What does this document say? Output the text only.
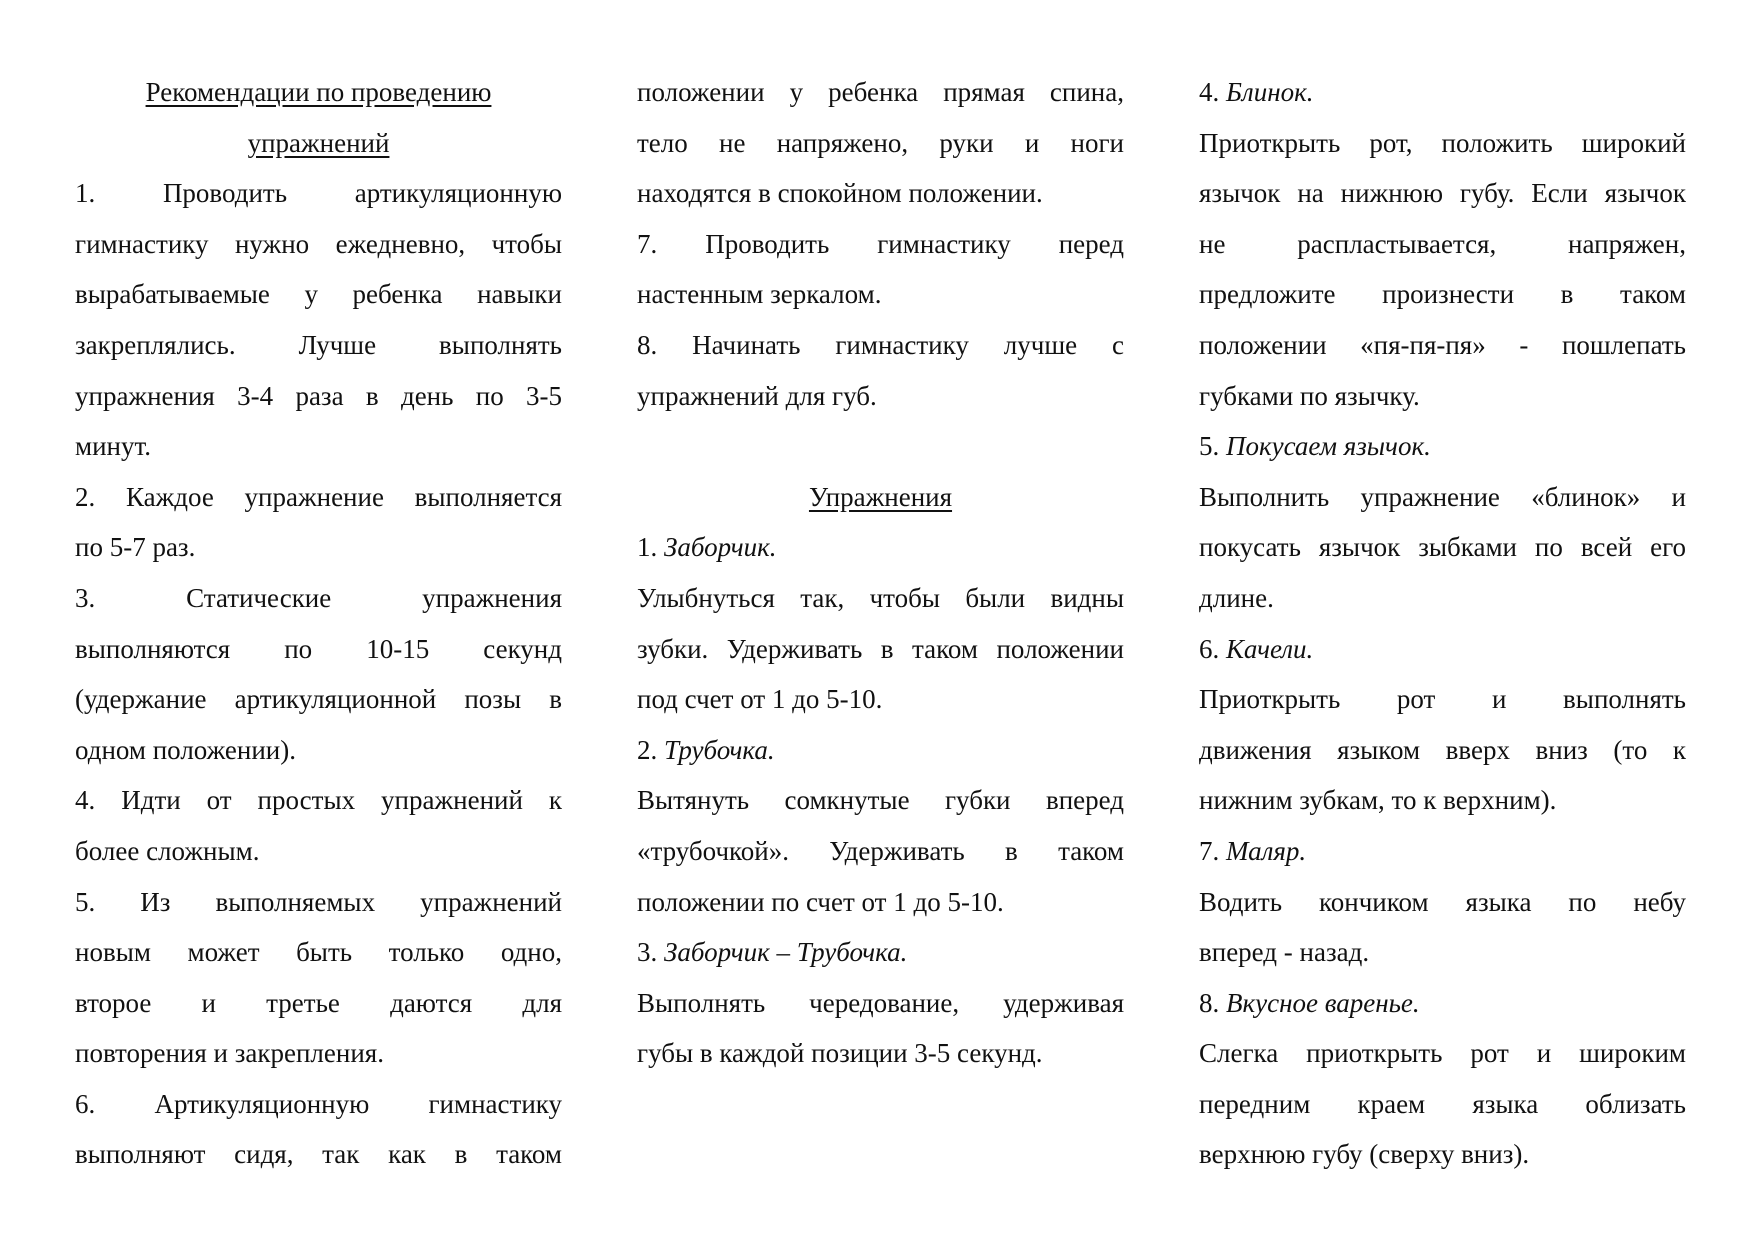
Рекомендации по проведению
упражнений
1. Проводить артикуляционную
гимнастику нужно ежедневно, чтобы
вырабатываемые у ребенка навыки
закреплялись. Лучше выполнять
упражнения 3-4 раза в день по 3-5
минут.
2. Каждое упражнение выполняется
по 5-7 раз.
3. Статические упражнения
выполняются по 10-15 секунд
(удержание артикуляционной позы в
одном положении).
4. Идти от простых упражнений к
более сложным.
5. Из выполняемых упражнений
новым может быть только одно,
второе и третье даются для
повторения и закрепления.
6. Артикуляционную гимнастику
выполняют сидя, так как в таком
положении у ребенка прямая спина,
тело не напряжено, руки и ноги
находятся в спокойном положении.
7. Проводить гимнастику перед
настенным зеркалом.
8. Начинать гимнастику лучше с
упражнений для губ.
Упражнения
1. Заборчик.
Улыбнуться так, чтобы были видны
зубки. Удерживать в таком положении
под счет от 1 до 5-10.
2. Трубочка.
Вытянуть сомкнутые губки вперед
«трубочкой». Удерживать в таком
положении по счет от 1 до 5-10.
3. Заборчик – Трубочка.
Выполнять чередование, удерживая
губы в каждой позиции 3-5 секунд.
4. Блинок.
Приоткрыть рот, положить широкий
язычок на нижнюю губу. Если язычок
не распластывается, напряжен,
предложите произнести в таком
положении «пя-пя-пя» - пошлепать
губками по язычку.
5. Покусаем язычок.
Выполнить упражнение «блинок» и
покусать язычок зыбками по всей его
длине.
6. Качели.
Приоткрыть рот и выполнять
движения языком вверх вниз (то к
нижним зубкам, то к верхним).
7. Маляр.
Водить кончиком языка по небу
вперед - назад.
8. Вкусное варенье.
Слегка приоткрыть рот и широким
передним краем языка облизать
верхнюю губу (сверху вниз).
